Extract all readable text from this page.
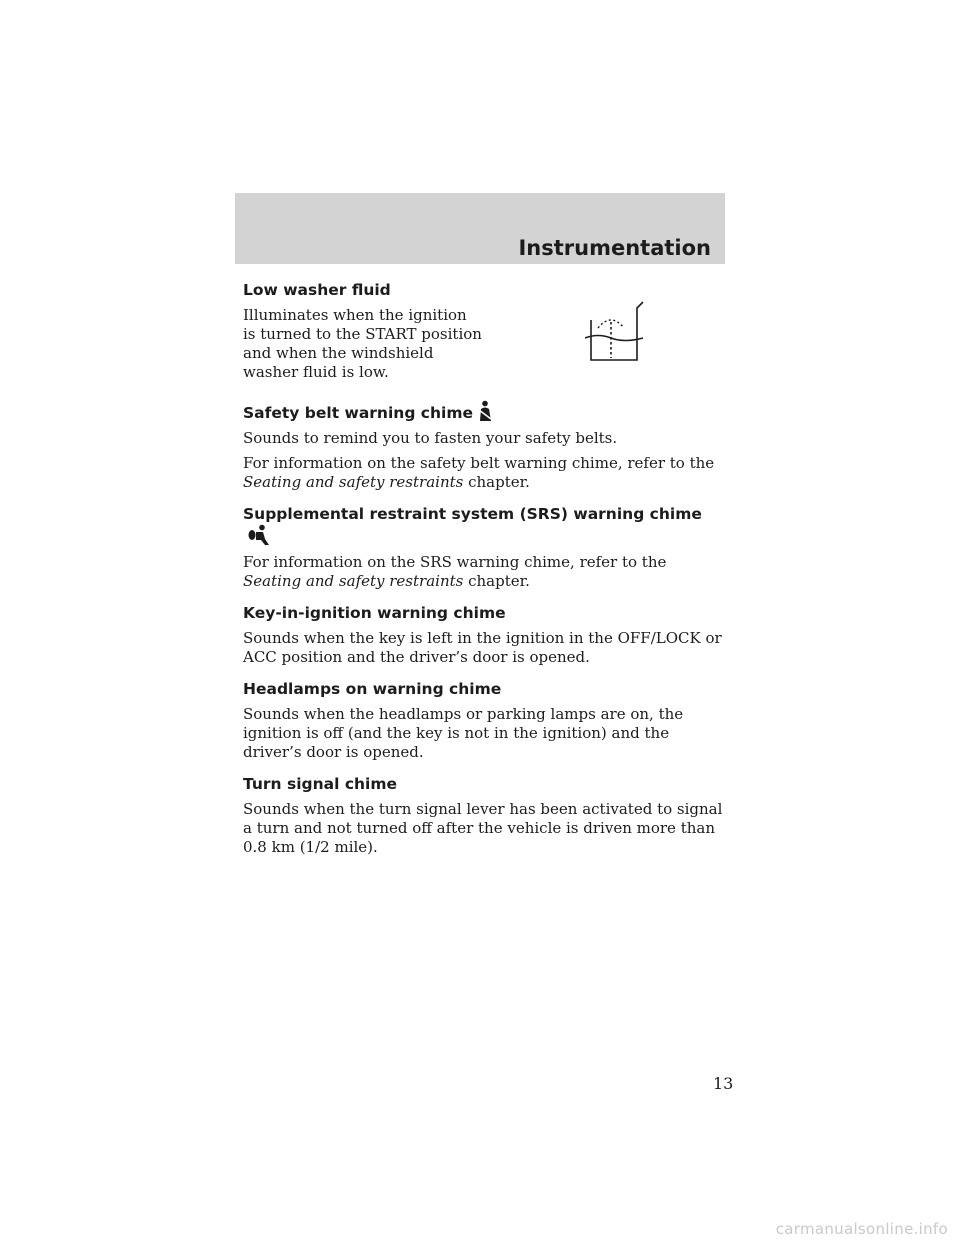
Instrumentation
Low washer fluid

Illuminates when the ignition is turned to the START position and when the windshield washer fluid is low.

Safety belt warning chime

Sounds to remind you to fasten your safety belts.

For information on the safety belt warning chime, refer to the Seating and safety restraints chapter.

Supplemental restraint system (SRS) warning chime

For information on the SRS warning chime, refer to the Seating and safety restraints chapter.

Key-in-ignition warning chime

Sounds when the key is left in the ignition in the OFF/LOCK or ACC position and the driver’s door is opened.

Headlamps on warning chime

Sounds when the headlamps or parking lamps are on, the ignition is off (and the key is not in the ignition) and the driver’s door is opened.

Turn signal chime

Sounds when the turn signal lever has been activated to signal a turn and not turned off after the vehicle is driven more than 0.8 km (1/2 mile).

13
carmanualsonline.info
